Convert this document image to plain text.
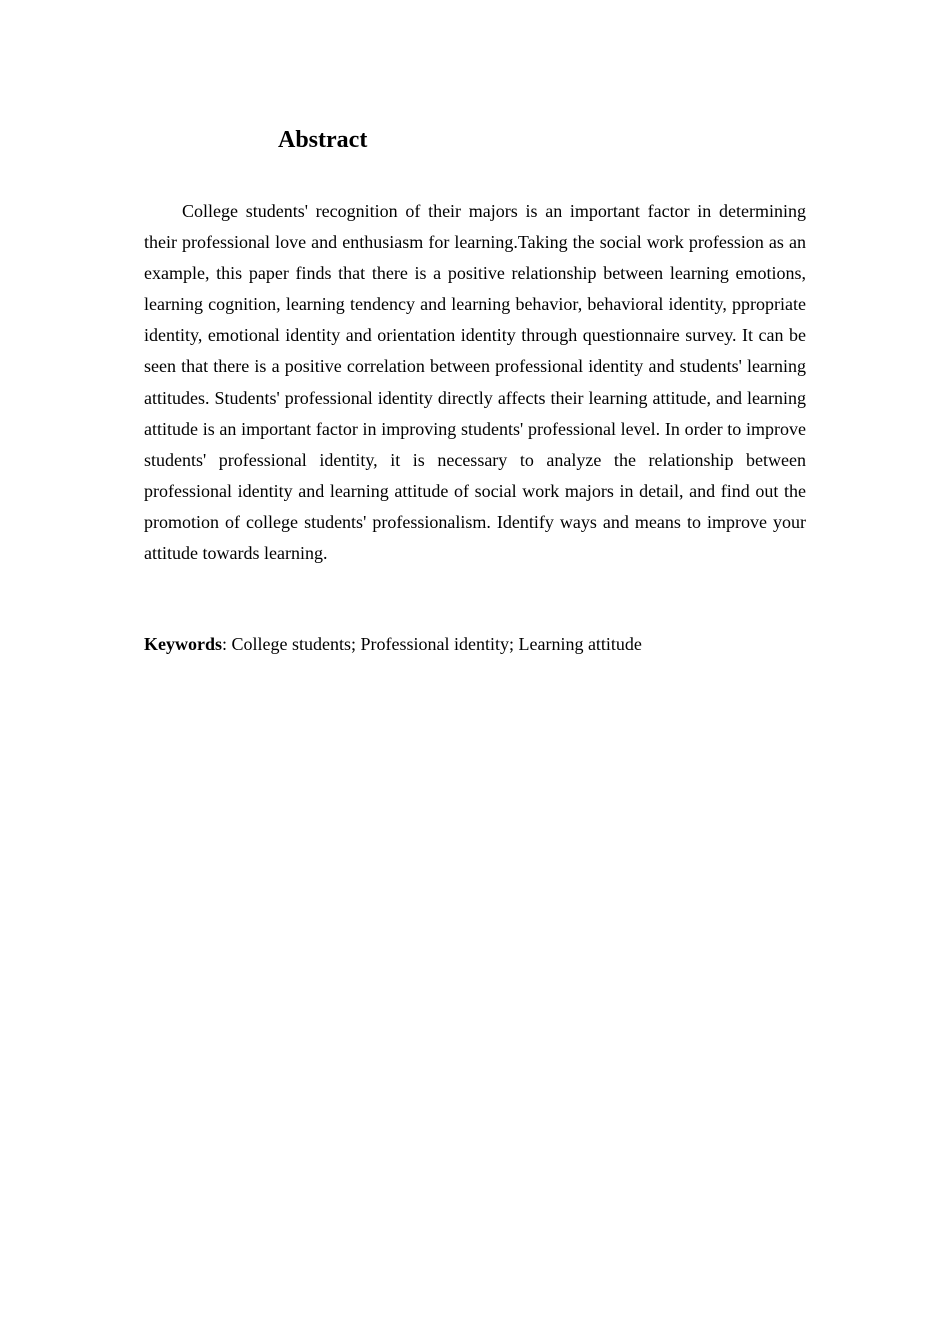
Abstract

College students' recognition of their majors is an important factor in determining their professional love and enthusiasm for learning.Taking the social work profession as an example, this paper finds that there is a positive relationship between learning emotions, learning cognition, learning tendency and learning behavior, behavioral identity, ppropriate identity, emotional identity and orientation identity through questionnaire survey. It can be seen that there is a positive correlation between professional identity and students' learning attitudes. Students' professional identity directly affects their learning attitude, and learning attitude is an important factor in improving students' professional level. In order to improve students' professional identity, it is necessary to analyze the relationship between professional identity and learning attitude of social work majors in detail, and find out the promotion of college students' professionalism. Identify ways and means to improve your attitude towards learning.

Keywords: College students; Professional identity; Learning attitude
